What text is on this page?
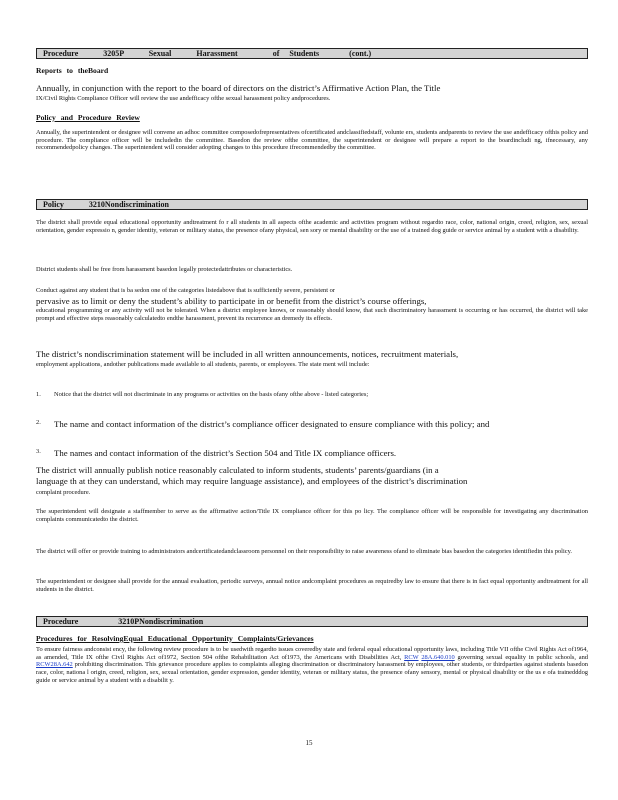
Procedure     3205P     Sexual     Harassment       of  Students      (cont.)
Reports to theBoard
Annually, in conjunction with the report to the board of directors on the district’s Affirmative Action Plan, the Title
IX/Civil Rights Compliance Officer will review the use andefficacy ofthe sexual harassment policy andprocedures.
Policy and Procedure Review
Annually, the superintendent or designee will convene an adhoc committee composedofrepresentatives ofcertificated andclassifiedstaff, volunte ers, students andparents to review the use andefficacy ofthis policy and procedure. The compliance officer will be includedin the committee. Basedon the review ofthe committee, the superintendent or designee will prepare a report to the boardincludi ng, ifnecessary, any recommendedpolicy changes. The superintendent will consider adopting changes to this procedure ifrecommendedby the committee.
Policy     3210Nondiscrimination
The district shall provide equal educational opportunity andtreatment fo r all students in all aspects ofthe academic and activities program without regardto race, color, national origin, creed, religion, sex, sexual orientation, gender expressio n, gender identity, veteran or military status, the presence ofany physical, sen sory or mental disability or the use of a trained dog guide or service animal by a student with a disability.
District students shall be free from harassment basedon legally protectedattributes or characteristics.
Conduct against any student that is ba sedon one of the categories listedabove that is sufficiently severe, persistent or
pervasive as to limit or deny the student’s ability to participate in or benefit from the district’s course offerings,
educational programming or any activity will not be tolerated. When a district employee knows, or reasonably should know, that such discriminatory harassment is occurring or has occurred, the district will take prompt and effective steps reasonably calculatedto endthe harassment, prevent its recurrence an dremedy its effects.
The district’s nondiscrimination statement will be included in all written announcements, notices, recruitment materials,
employment applications, andother publications made available to all students, parents, or employees. The state ment will include:
1. Notice that the district will not discriminate in any programs or activities on the basis ofany ofthe above - listed categories;
2. The name and contact information of the district’s compliance officer designated to ensure compliance with this policy; and
3. The names and contact information of the district’s Section 504 and Title IX compliance officers.
The district will annually publish notice reasonably calculated to inform students, students’ parents/guardians (in a
language th at they can understand, which may require language assistance), and employees of the district’s discrimination
complaint procedure.
The superintendent will designate a staffmember to serve as the affirmative action/Title IX compliance officer for this po licy. The compliance officer will be responsible for investigating any discrimination complaints communicatedto the district.
The district will offer or provide training to administrators andcertificatedandclassroom personnel on their responsibility to raise awareness ofand to eliminate bias basedon the categories identifiedin this policy.
The superintendent or designee shall provide for the annual evaluation, periodic surveys, annual notice andcomplaint procedures as requiredby law to ensure that there is in fact equal opportunity andtreatment for all students in the district.
Procedure        3210PNondiscrimination
Procedures for ResolvingEqual Educational Opportunity Complaints/Grievances
To ensure fairness andconsist ency, the following review procedure is to be usedwith regardto issues coveredby state and federal equal educational opportunity laws, including Title VII ofthe Civil Rights Act of1964, as amended, Title IX ofthe Civil Rights Act of1972, Section 504 ofthe Rehabilitation Act of1973, the Americans with Disabilities Act, RCW 28A.640.010 governing sexual equality in public schools, and RCW28A.642 prohibiting discrimination. This grievance procedure applies to complaints alleging discrimination or discriminatory harassment by employees, other students, or thirdparties against students basedon race, color, nationa l origin, creed, religion, sex, sexual orientation, gender expression, gender identity, veteran or military status, the presence ofany sensory, mental or physical disability or the us e ofa trainedddog guide or service animal by a student with a disabilit y.
15
